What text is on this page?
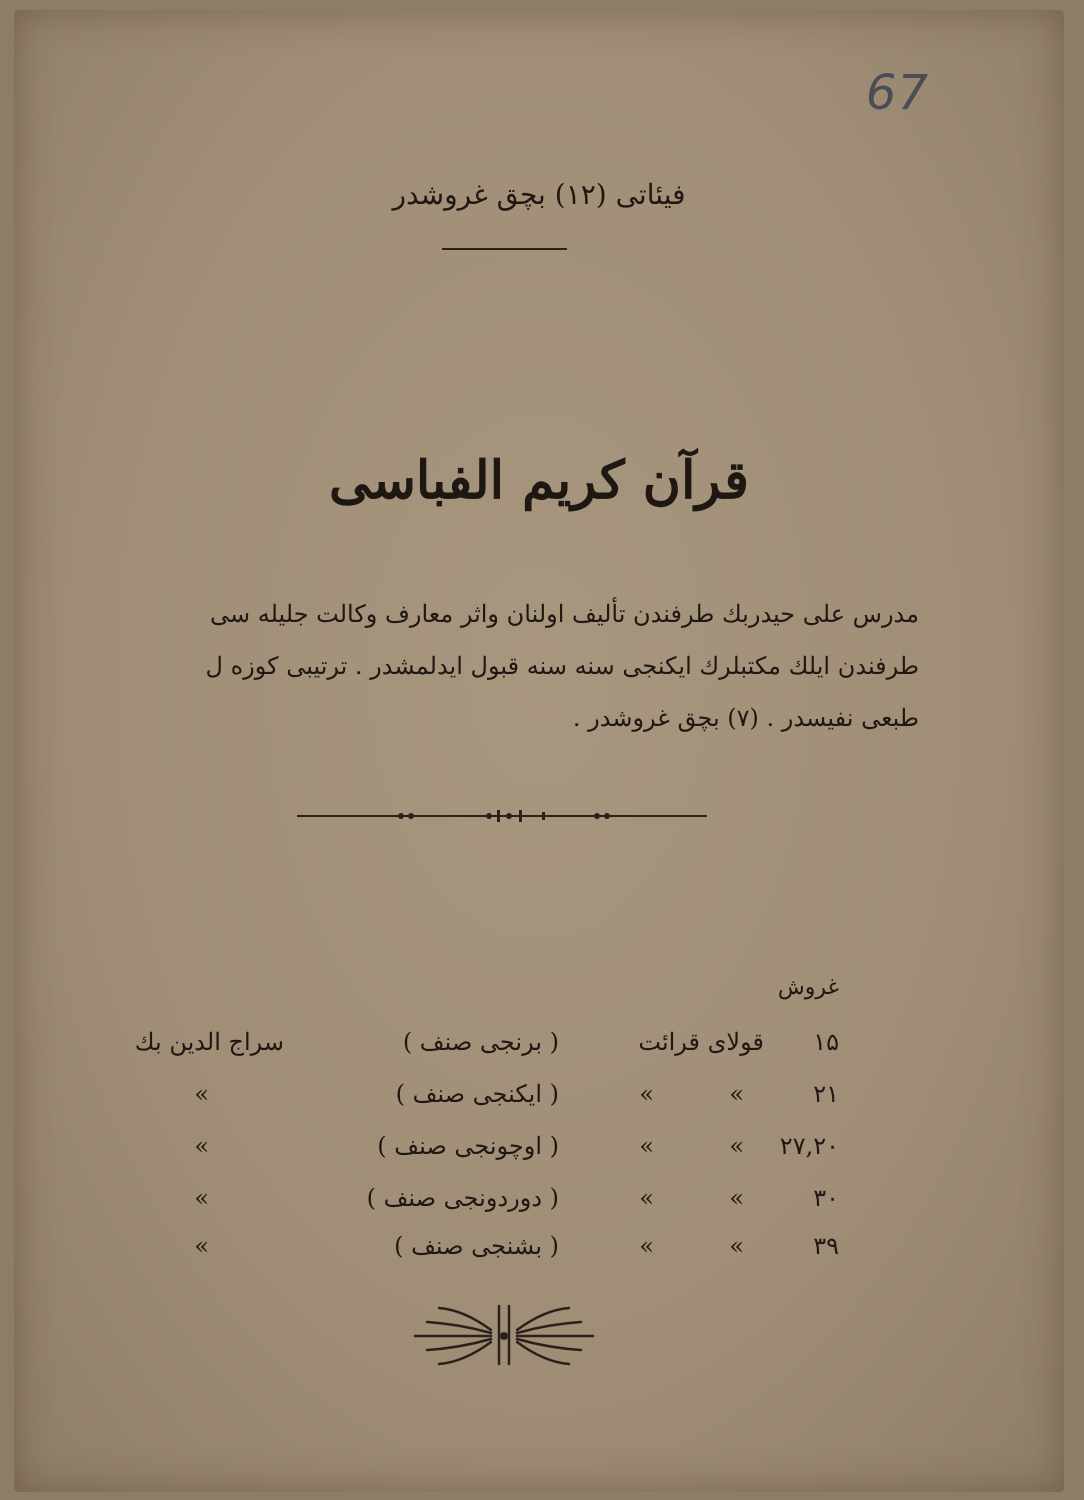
67
فیئاتی (۱۲) بچق غروشدر
قرآن کریم الفباسی

مدرس علی حیدربك طرفندن تألیف اولنان واثر معارف وکالت جلیله سی

طرفندن ایلك مکتبلرك ایکنجی سنه سنه قبول ایدلمشدر . ترتیبی کوزه ل

طبعی نفیسدر . (۷) بچق غروشدر .

غروش
۱۵
قولای قرائت
( برنجی صنف )
سراج الدین بك
۲۱
»
»
( ایکنجی صنف )
»
۲۷,۲۰
»
»
( اوچونجی صنف )
»
۳۰
»
»
( دوردونجی صنف )
»
۳۹
»
»
( بشنجی صنف )
»
